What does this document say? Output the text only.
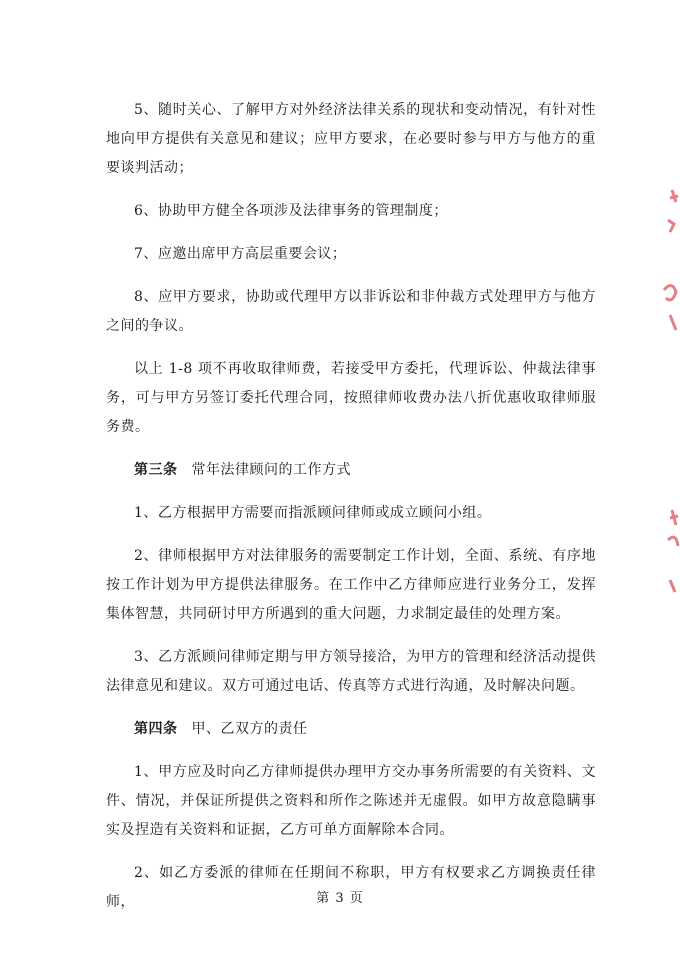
5、随时关心、了解甲方对外经济法律关系的现状和变动情况，有针对性地向甲方提供有关意见和建议；应甲方要求，在必要时参与甲方与他方的重要谈判活动；

6、协助甲方健全各项涉及法律事务的管理制度；

7、应邀出席甲方高层重要会议；

8、应甲方要求，协助或代理甲方以非诉讼和非仲裁方式处理甲方与他方之间的争议。

以上 1-8 项不再收取律师费，若接受甲方委托，代理诉讼、仲裁法律事务，可与甲方另签订委托代理合同，按照律师收费办法八折优惠收取律师服务费。

第三条 常年法律顾问的工作方式

1、乙方根据甲方需要而指派顾问律师或成立顾问小组。

2、律师根据甲方对法律服务的需要制定工作计划，全面、系统、有序地按工作计划为甲方提供法律服务。在工作中乙方律师应进行业务分工，发挥集体智慧，共同研讨甲方所遇到的重大问题，力求制定最佳的处理方案。

3、乙方派顾问律师定期与甲方领导接洽，为甲方的管理和经济活动提供法律意见和建议。双方可通过电话、传真等方式进行沟通，及时解决问题。

第四条 甲、乙双方的责任

1、甲方应及时向乙方律师提供办理甲方交办事务所需要的有关资料、文件、情况，并保证所提供之资料和所作之陈述并无虚假。如甲方故意隐瞒事实及捏造有关资料和证据，乙方可单方面解除本合同。

2、如乙方委派的律师在任期间不称职，甲方有权要求乙方调换责任律师，	第 3 页
